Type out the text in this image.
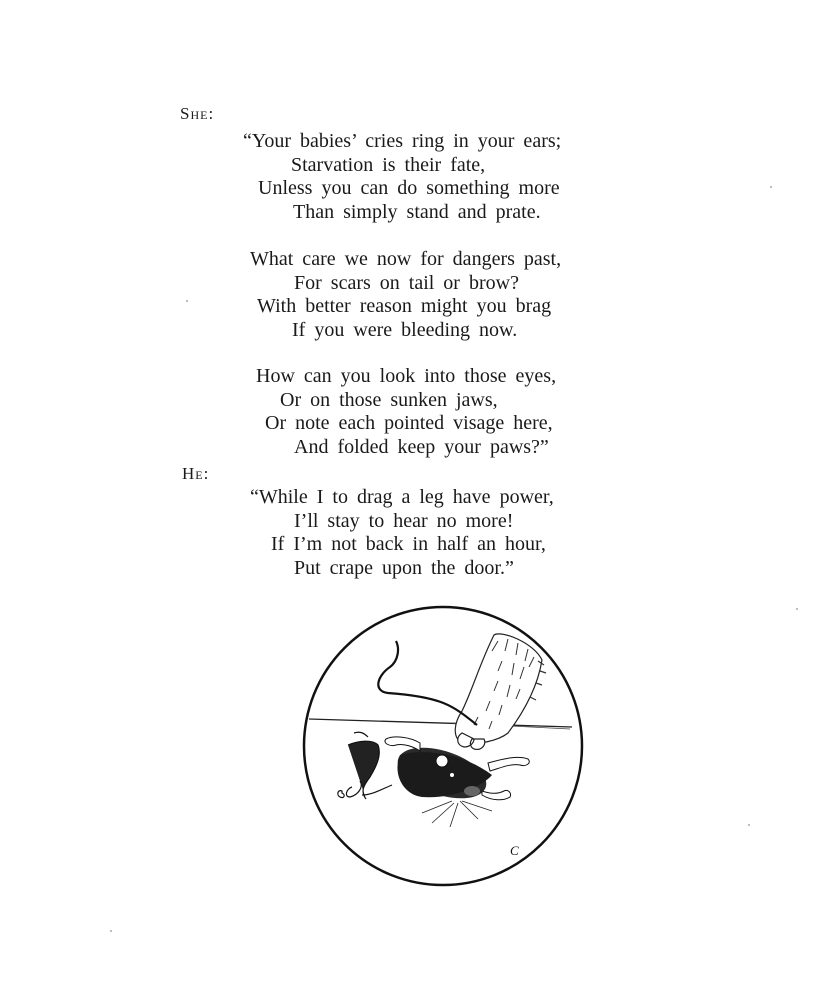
She:
“Your babies’ cries ring in your ears;
Starvation is their fate,
Unless you can do something more
Than simply stand and prate.
What care we now for dangers past,
For scars on tail or brow?
With better reason might you brag
If you were bleeding now.
How can you look into those eyes,
Or on those sunken jaws,
Or note each pointed visage here,
And folded keep your paws?”
He:
“While I to drag a leg have power,
I’ll stay to hear no more!
If I’m not back in half an hour,
Put crape upon the door.”
C
